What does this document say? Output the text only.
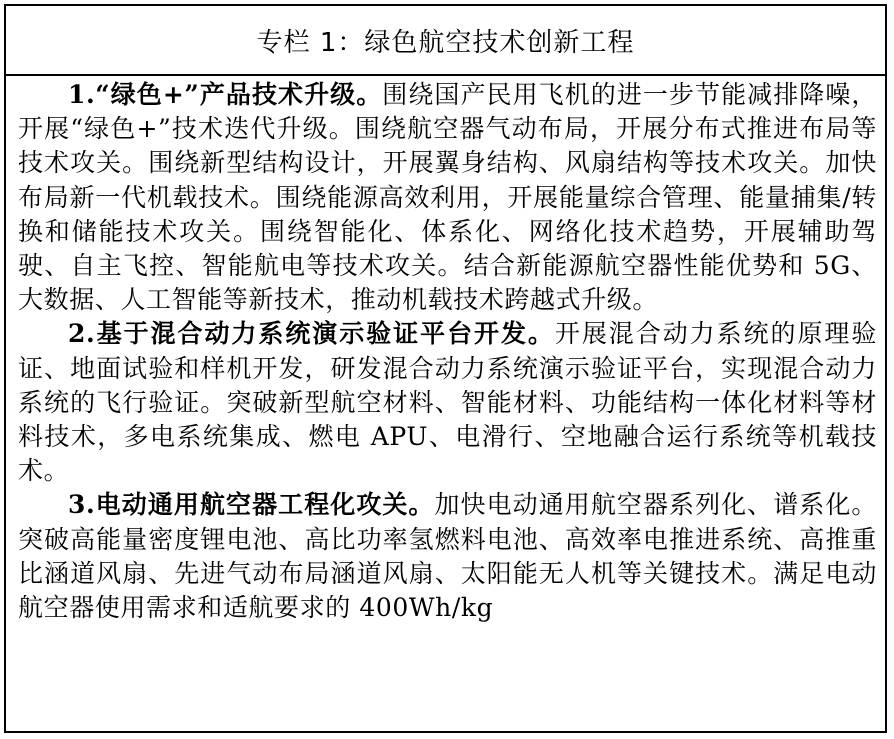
专栏 1：绿色航空技术创新工程

1.“绿色+”产品技术升级。围绕国产民用飞机的进一步节能减排降噪，开展“绿色+”技术迭代升级。围绕航空器气动布局，开展分布式推进布局等技术攻关。围绕新型结构设计，开展翼身结构、风扇结构等技术攻关。加快布局新一代机载技术。围绕能源高效利用，开展能量综合管理、能量捕集/转换和储能技术攻关。围绕智能化、体系化、网络化技术趋势，开展辅助驾驶、自主飞控、智能航电等技术攻关。结合新能源航空器性能优势和 5G、大数据、人工智能等新技术，推动机载技术跨越式升级。

2.基于混合动力系统演示验证平台开发。开展混合动力系统的原理验证、地面试验和样机开发，研发混合动力系统演示验证平台，实现混合动力系统的飞行验证。突破新型航空材料、智能材料、功能结构一体化材料等材料技术，多电系统集成、燃电 APU、电滑行、空地融合运行系统等机载技术。

3.电动通用航空器工程化攻关。加快电动通用航空器系列化、谱系化。突破高能量密度锂电池、高比功率氢燃料电池、高效率电推进系统、高推重比涵道风扇、先进气动布局涵道风扇、太阳能无人机等关键技术。满足电动航空器使用需求和适航要求的 400Wh/kg
